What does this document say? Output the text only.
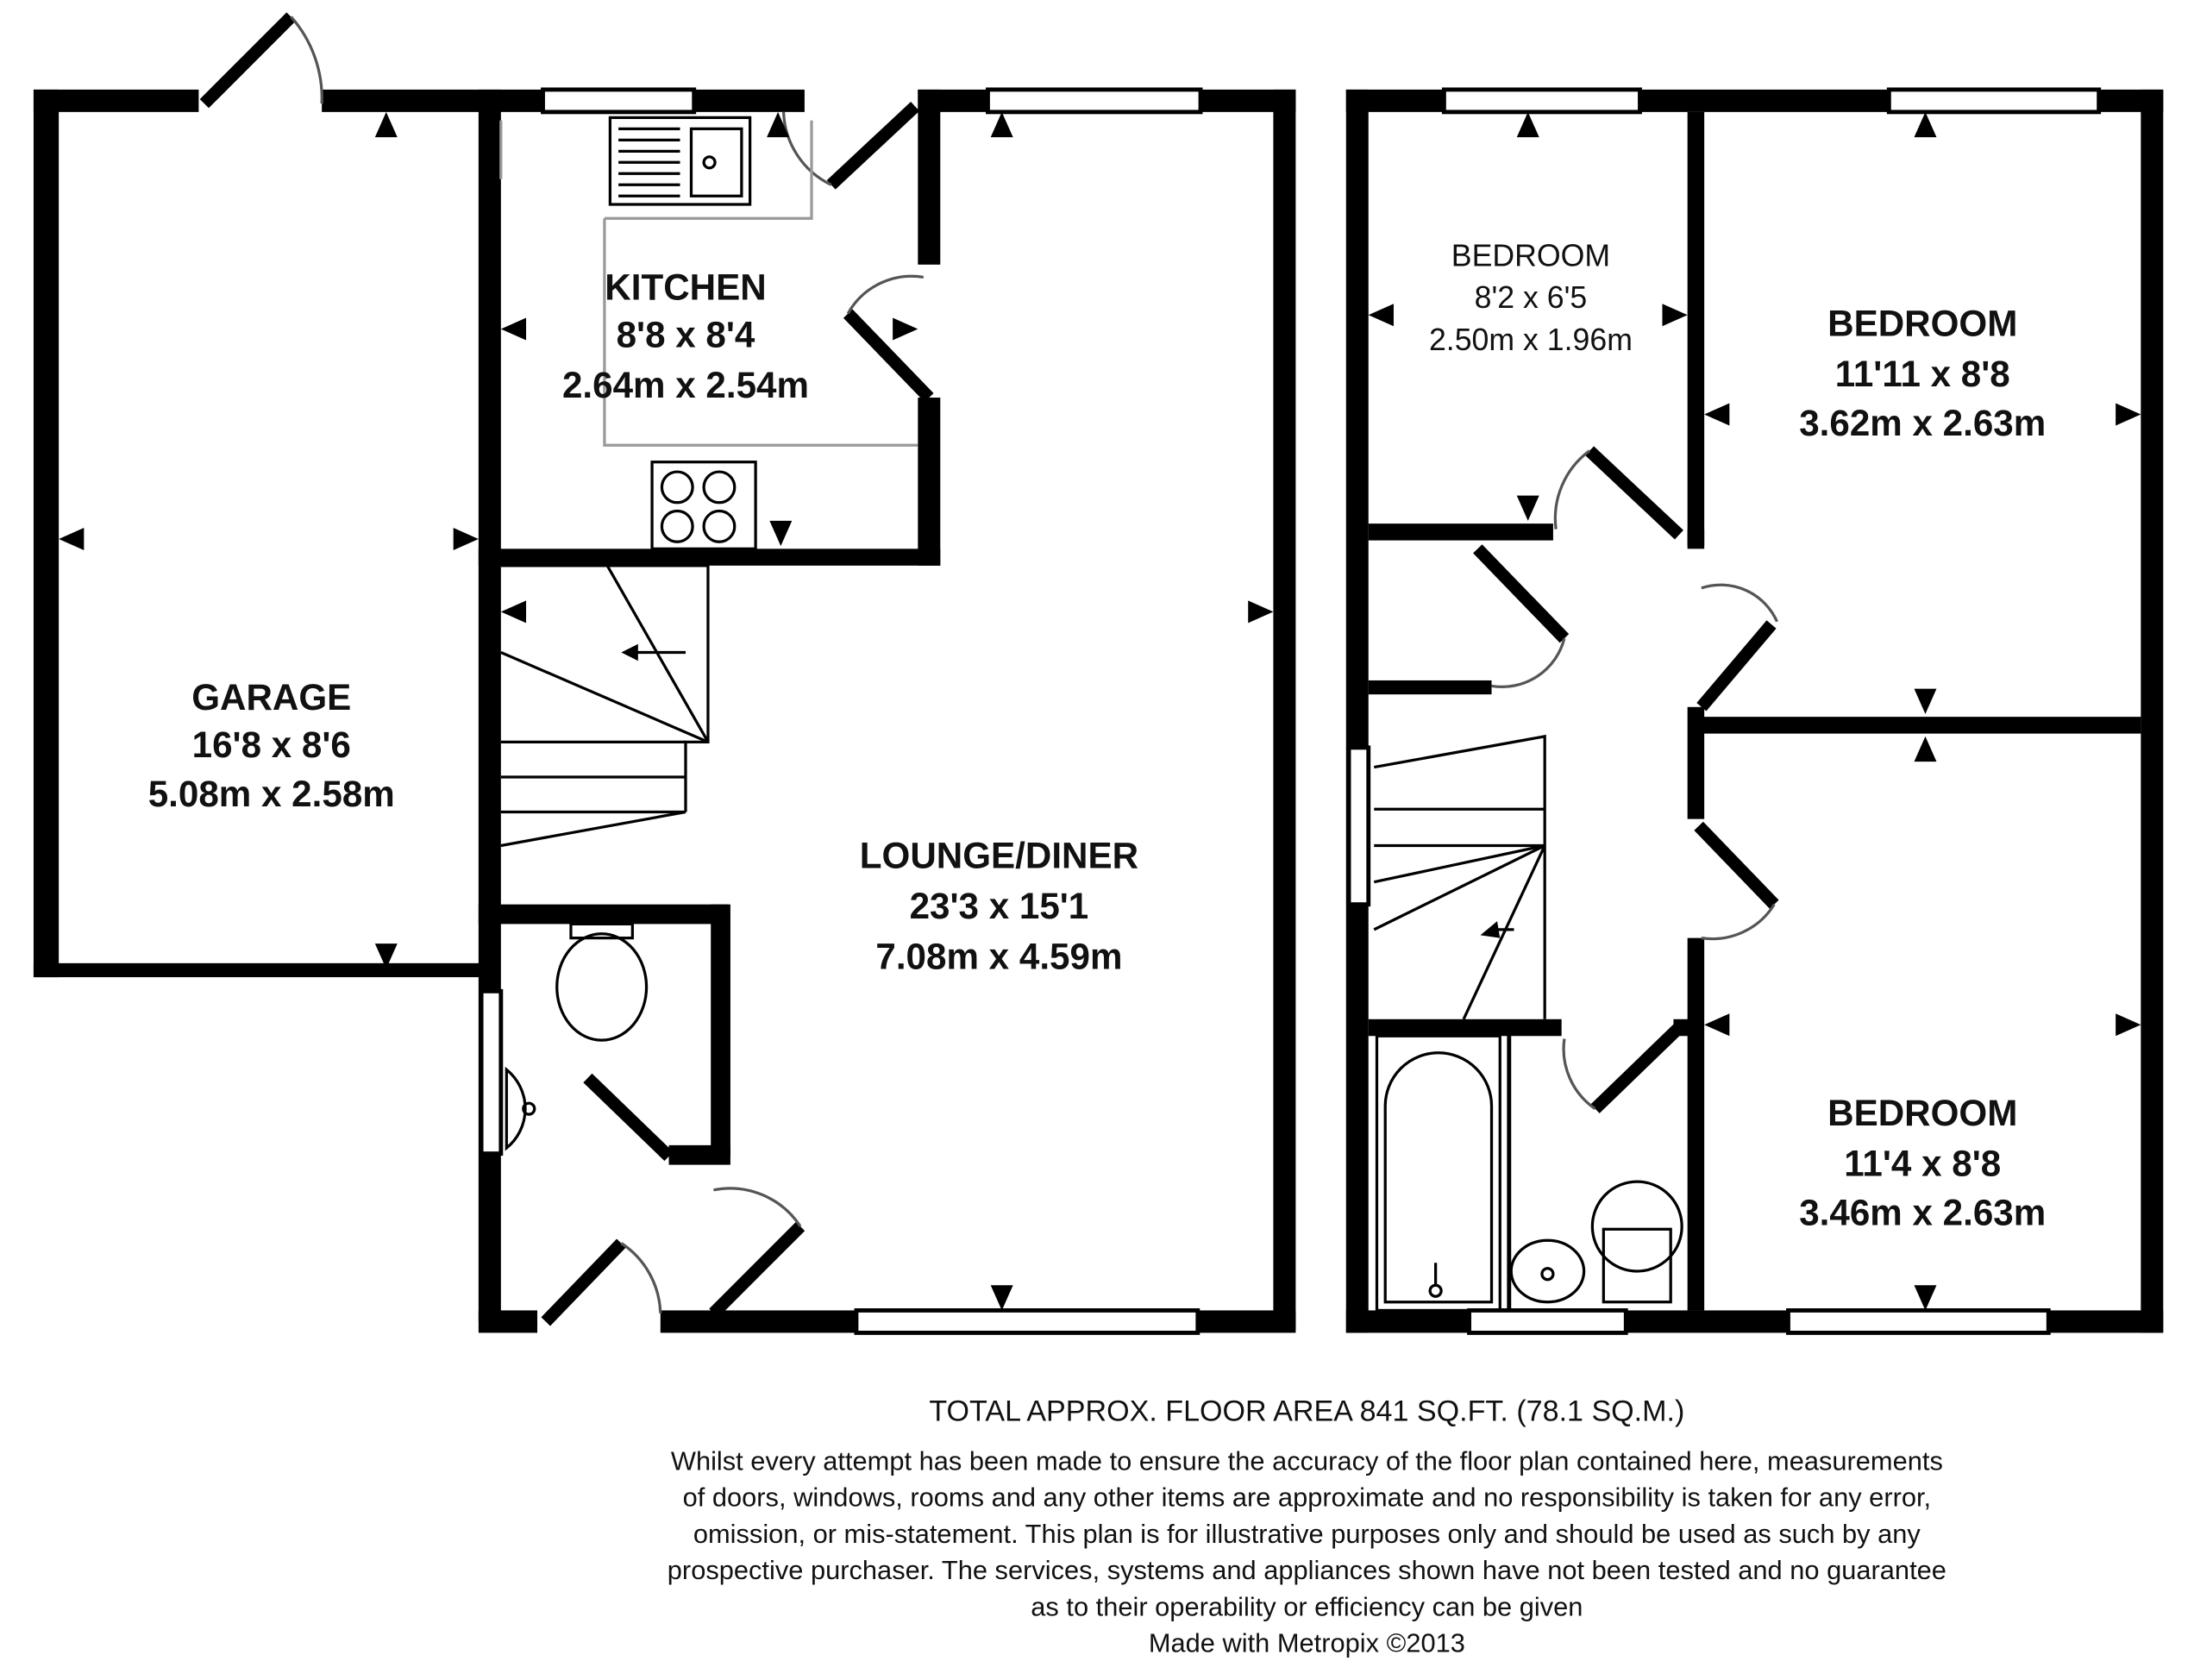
GARAGE
16'8 x 8'6
5.08m x 2.58m
KITCHEN
8'8 x 8'4
2.64m x 2.54m
LOUNGE/DINER
23'3 x 15'1
7.08m x 4.59m
BEDROOM
8'2 x 6'5
2.50m x 1.96m	BEDROOM
11'11 x 8'8
3.62m x 2.63m
BEDROOM
11'4 x 8'8
3.46m x 2.63m
TOTAL APPROX. FLOOR AREA 841 SQ.FT. (78.1 SQ.M.)
Whilst every attempt has been made to ensure the accuracy of the floor plan contained here, measurements
of doors, windows, rooms and any other items are approximate and no responsibility is taken for any error,
omission, or mis-statement. This plan is for illustrative purposes only and should be used as such by any
prospective purchaser. The services, systems and appliances shown have not been tested and no guarantee
as to their operability or efficiency can be given
Made with Metropix ©2013
